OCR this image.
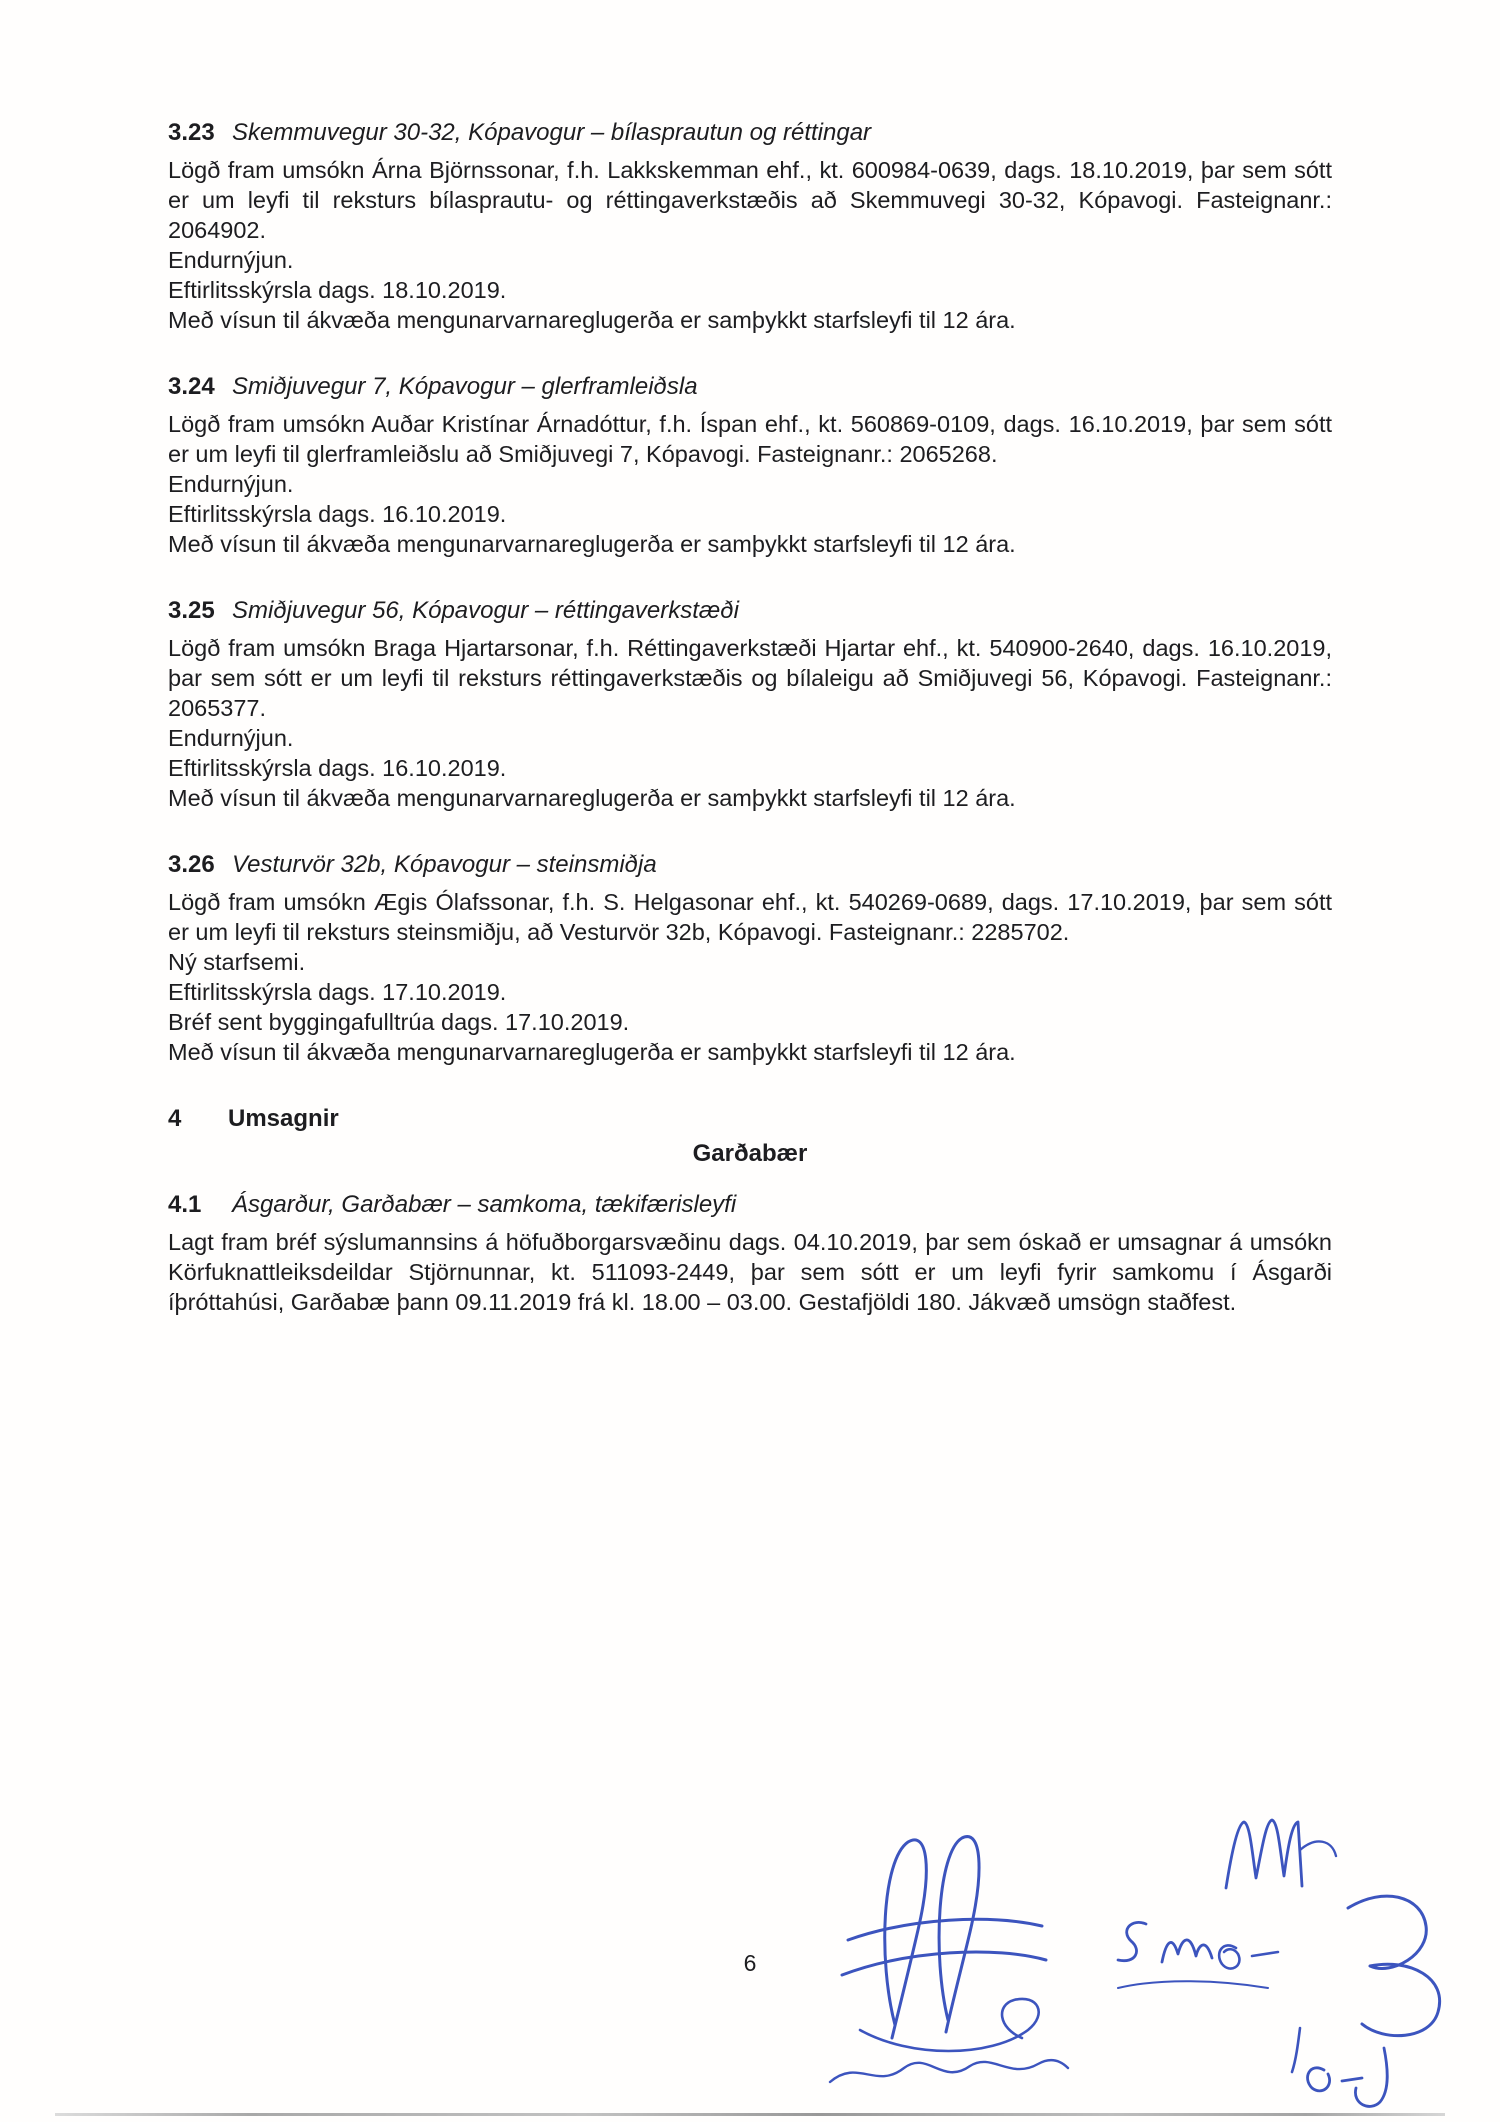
3.23 Skemmuvegur 30-32, Kópavogur – bílasprautun og réttingar

Lögð fram umsókn Árna Björnssonar, f.h. Lakkskemman ehf., kt. 600984-0639, dags. 18.10.2019, þar sem sótt er um leyfi til reksturs bílasprautu- og réttingaverkstæðis að Skemmuvegi 30-32, Kópavogi. Fasteignanr.: 2064902.

Endurnýjun.

Eftirlitsskýrsla dags. 18.10.2019.

Með vísun til ákvæða mengunarvarnareglugerða er samþykkt starfsleyfi til 12 ára.

3.24 Smiðjuvegur 7, Kópavogur – glerframleiðsla

Lögð fram umsókn Auðar Kristínar Árnadóttur, f.h. Íspan ehf., kt. 560869-0109, dags. 16.10.2019, þar sem sótt er um leyfi til glerframleiðslu að Smiðjuvegi 7, Kópavogi. Fasteignanr.: 2065268.

Endurnýjun.

Eftirlitsskýrsla dags. 16.10.2019.

Með vísun til ákvæða mengunarvarnareglugerða er samþykkt starfsleyfi til 12 ára.

3.25 Smiðjuvegur 56, Kópavogur – réttingaverkstæði

Lögð fram umsókn Braga Hjartarsonar, f.h. Réttingaverkstæði Hjartar ehf., kt. 540900-2640, dags. 16.10.2019, þar sem sótt er um leyfi til reksturs réttingaverkstæðis og bílaleigu að Smiðjuvegi 56, Kópavogi. Fasteignanr.: 2065377.

Endurnýjun.

Eftirlitsskýrsla dags. 16.10.2019.

Með vísun til ákvæða mengunarvarnareglugerða er samþykkt starfsleyfi til 12 ára.

3.26 Vesturvör 32b, Kópavogur – steinsmiðja

Lögð fram umsókn Ægis Ólafssonar, f.h. S. Helgasonar ehf., kt. 540269-0689, dags. 17.10.2019, þar sem sótt er um leyfi til reksturs steinsmiðju, að Vesturvör 32b, Kópavogi. Fasteignanr.: 2285702.

Ný starfsemi.

Eftirlitsskýrsla dags. 17.10.2019.

Bréf sent byggingafulltrúa dags. 17.10.2019.

Með vísun til ákvæða mengunarvarnareglugerða er samþykkt starfsleyfi til 12 ára.

4 Umsagnir

Garðabær

4.1 Ásgarður, Garðabær – samkoma, tækifærisleyfi

Lagt fram bréf sýslumannsins á höfuðborgarsvæðinu dags. 04.10.2019, þar sem óskað er umsagnar á umsókn Körfuknattleiksdeildar Stjörnunnar, kt. 511093-2449, þar sem sótt er um leyfi fyrir samkomu í Ásgarði íþróttahúsi, Garðabæ þann 09.11.2019 frá kl. 18.00 – 03.00. Gestafjöldi 180. Jákvæð umsögn staðfest.

6
